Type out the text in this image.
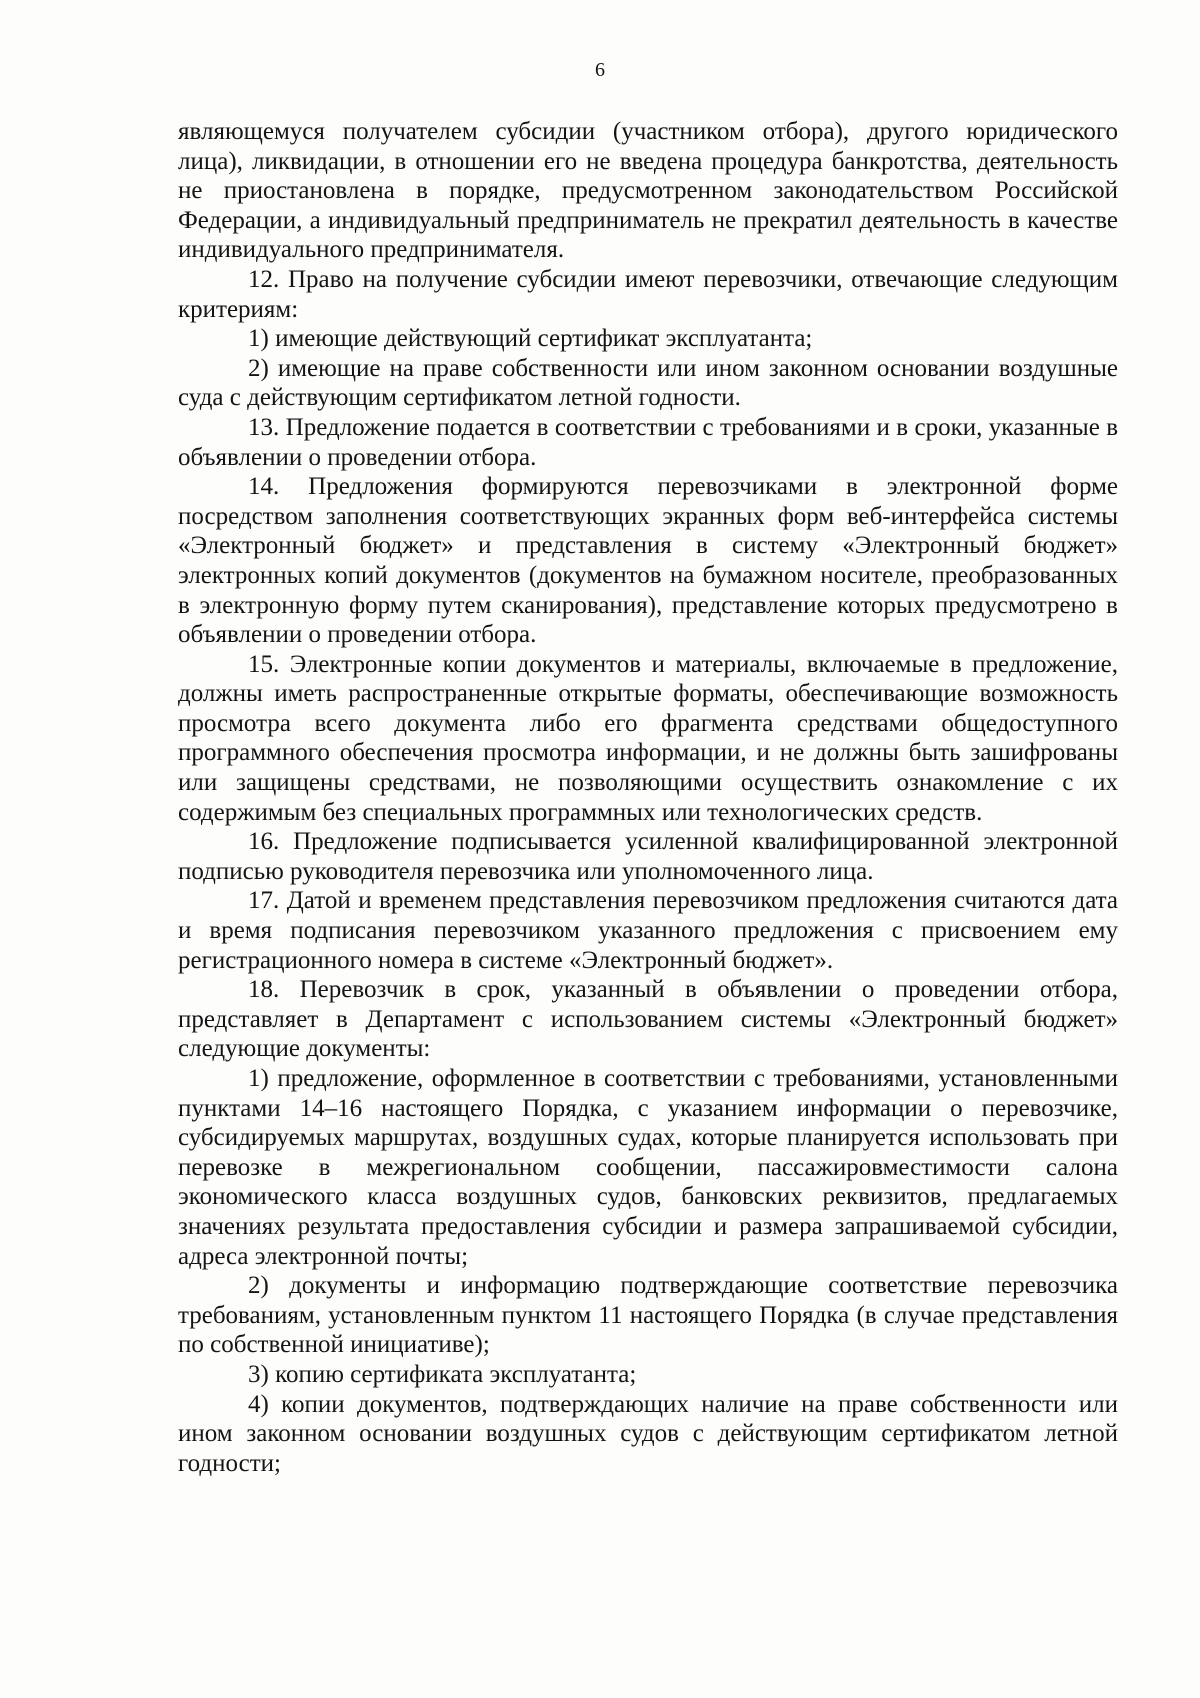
6

являющемуся получателем субсидии (участником отбора), другого юридического лица), ликвидации, в отношении его не введена процедура банкротства, деятельность не приостановлена в порядке, предусмотренном законодательством Российской Федерации, а индивидуальный предприниматель не прекратил деятельность в качестве индивидуального предпринимателя.

12. Право на получение субсидии имеют перевозчики, отвечающие следующим критериям:

1) имеющие действующий сертификат эксплуатанта;

2) имеющие на праве собственности или ином законном основании воздушные суда с действующим сертификатом летной годности.

13. Предложение подается в соответствии с требованиями и в сроки, указанные в объявлении о проведении отбора.

14. Предложения формируются перевозчиками в электронной форме посредством заполнения соответствующих экранных форм веб-интерфейса системы «Электронный бюджет» и представления в систему «Электронный бюджет» электронных копий документов (документов на бумажном носителе, преобразованных в электронную форму путем сканирования), представление которых предусмотрено в объявлении о проведении отбора.

15. Электронные копии документов и материалы, включаемые в предложение, должны иметь распространенные открытые форматы, обеспечивающие возможность просмотра всего документа либо его фрагмента средствами общедоступного программного обеспечения просмотра информации, и не должны быть зашифрованы или защищены средствами, не позволяющими осуществить ознакомление с их содержимым без специальных программных или технологических средств.

16. Предложение подписывается усиленной квалифицированной электронной подписью руководителя перевозчика или уполномоченного лица.

17. Датой и временем представления перевозчиком предложения считаются дата и время подписания перевозчиком указанного предложения с присвоением ему регистрационного номера в системе «Электронный бюджет».

18. Перевозчик в срок, указанный в объявлении о проведении отбора, представляет в Департамент с использованием системы «Электронный бюджет» следующие документы:

1) предложение, оформленное в соответствии с требованиями, установленными пунктами 14–16 настоящего Порядка, с указанием информации о перевозчике, субсидируемых маршрутах, воздушных судах, которые планируется использовать при перевозке в межрегиональном сообщении, пассажировместимости салона экономического класса воздушных судов, банковских реквизитов, предлагаемых значениях результата предоставления субсидии и размера запрашиваемой субсидии, адреса электронной почты;

2) документы и информацию подтверждающие соответствие перевозчика требованиям, установленным пунктом 11 настоящего Порядка (в случае представления по собственной инициативе);

3) копию сертификата эксплуатанта;

4) копии документов, подтверждающих наличие на праве собственности или ином законном основании воздушных судов с действующим сертификатом летной годности;
